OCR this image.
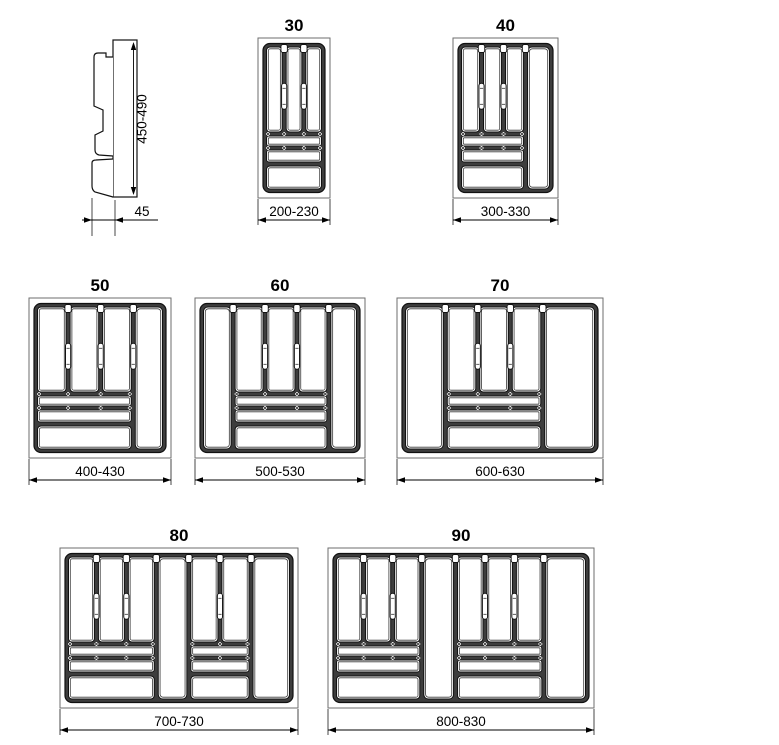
450-490
45
30
200-230
40
300-330
50
400-430
60
500-530
70
600-630
80
700-730
90
800-830
